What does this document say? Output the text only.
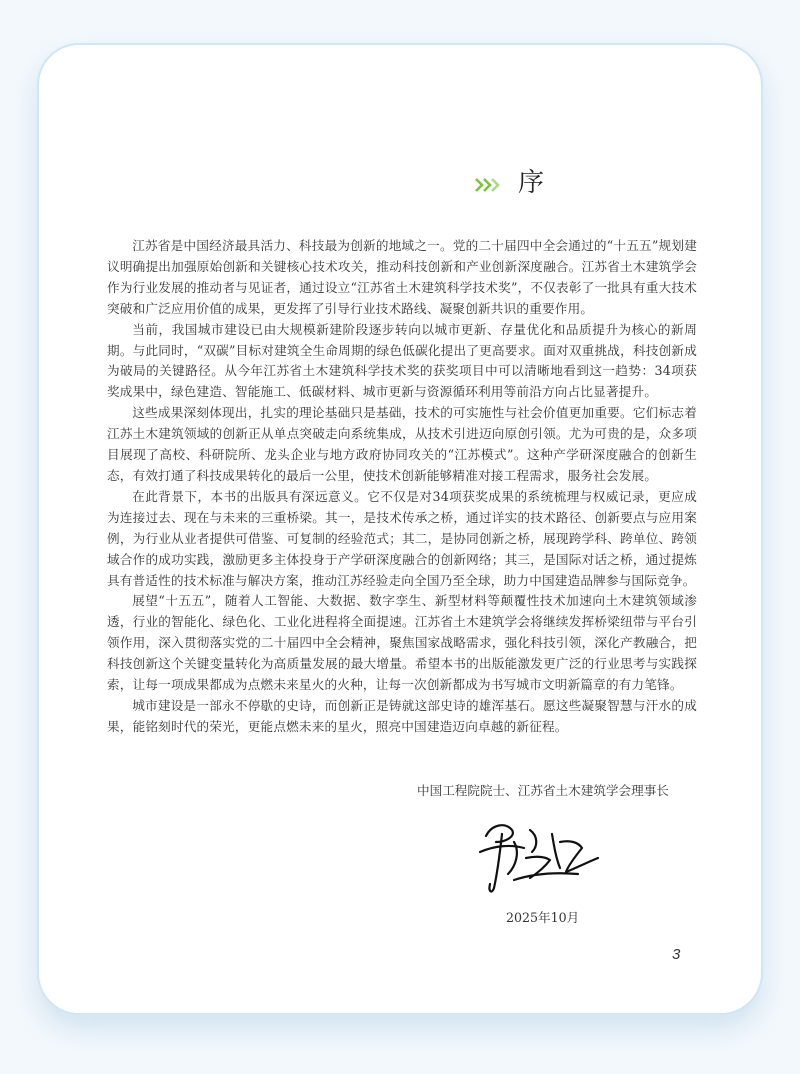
序

江苏省是中国经济最具活力、科技最为创新的地域之一。党的二十届四中全会通过的“十五五”规划建议明确提出加强原始创新和关键核心技术攻关，推动科技创新和产业创新深度融合。江苏省土木建筑学会作为行业发展的推动者与见证者，通过设立“江苏省土木建筑科学技术奖”，不仅表彰了一批具有重大技术突破和广泛应用价值的成果，更发挥了引导行业技术路线、凝聚创新共识的重要作用。

当前，我国城市建设已由大规模新建阶段逐步转向以城市更新、存量优化和品质提升为核心的新周期。与此同时，“双碳”目标对建筑全生命周期的绿色低碳化提出了更高要求。面对双重挑战，科技创新成为破局的关键路径。从今年江苏省土木建筑科学技术奖的获奖项目中可以清晰地看到这一趋势：34项获奖成果中，绿色建造、智能施工、低碳材料、城市更新与资源循环利用等前沿方向占比显著提升。

这些成果深刻体现出，扎实的理论基础只是基础，技术的可实施性与社会价值更加重要。它们标志着江苏土木建筑领域的创新正从单点突破走向系统集成，从技术引进迈向原创引领。尤为可贵的是，众多项目展现了高校、科研院所、龙头企业与地方政府协同攻关的“江苏模式”。这种产学研深度融合的创新生态，有效打通了科技成果转化的最后一公里，使技术创新能够精准对接工程需求，服务社会发展。

在此背景下，本书的出版具有深远意义。它不仅是对34项获奖成果的系统梳理与权威记录，更应成为连接过去、现在与未来的三重桥梁。其一，是技术传承之桥，通过详实的技术路径、创新要点与应用案例，为行业从业者提供可借鉴、可复制的经验范式；其二，是协同创新之桥，展现跨学科、跨单位、跨领域合作的成功实践，激励更多主体投身于产学研深度融合的创新网络；其三，是国际对话之桥，通过提炼具有普适性的技术标准与解决方案，推动江苏经验走向全国乃至全球，助力中国建造品牌参与国际竞争。

展望“十五五”，随着人工智能、大数据、数字孪生、新型材料等颠覆性技术加速向土木建筑领域渗透，行业的智能化、绿色化、工业化进程将全面提速。江苏省土木建筑学会将继续发挥桥梁纽带与平台引领作用，深入贯彻落实党的二十届四中全会精神，聚焦国家战略需求，强化科技引领，深化产教融合，把科技创新这个关键变量转化为高质量发展的最大增量。希望本书的出版能激发更广泛的行业思考与实践探索，让每一项成果都成为点燃未来星火的火种，让每一次创新都成为书写城市文明新篇章的有力笔锋。

城市建设是一部永不停歇的史诗，而创新正是铸就这部史诗的雄浑基石。愿这些凝聚智慧与汗水的成果，能铭刻时代的荣光，更能点燃未来的星火，照亮中国建造迈向卓越的新征程。

中国工程院院士、江苏省土木建筑学会理事长
2025年10月
3
